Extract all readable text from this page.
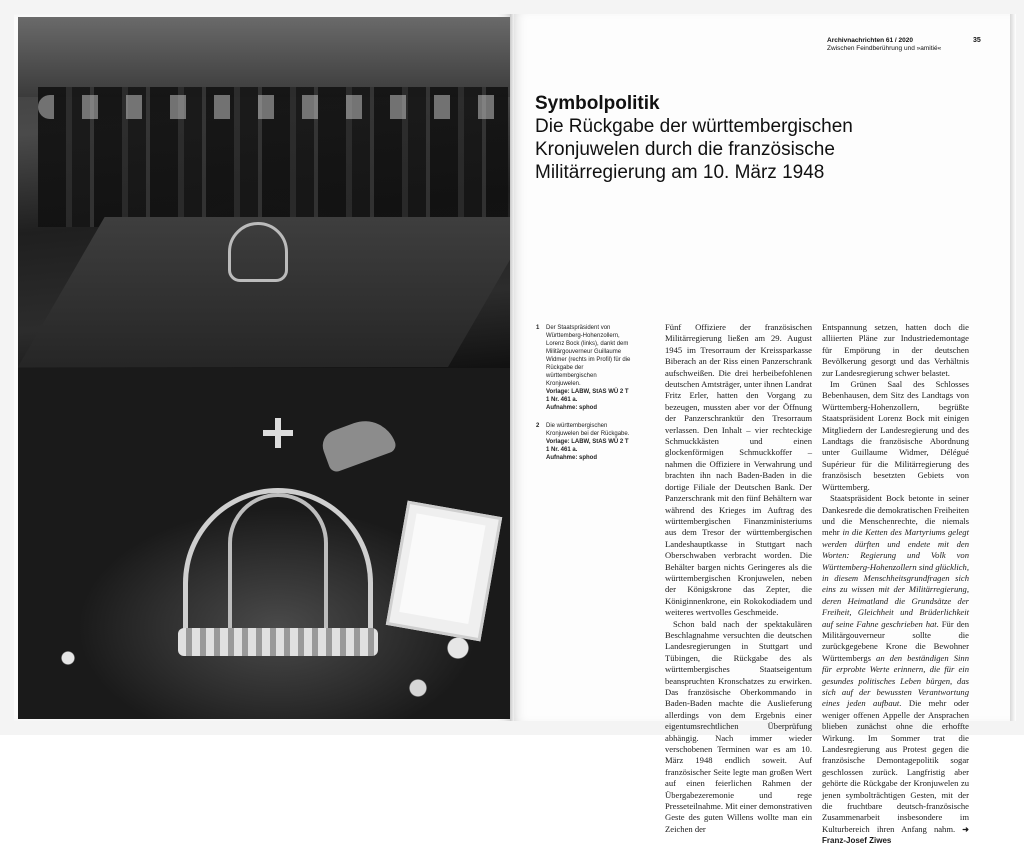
Archivnachrichten 61 / 2020
Zwischen Feindberührung und »amitié«
35
Symbolpolitik
Die Rückgabe der württembergischen Kronjuwelen durch die französische Militärregierung am 10. März 1948
1 Der Staatspräsident von Württemberg-Hohenzollern, Lorenz Bock (links), dankt dem Militärgouverneur Guillaume Widmer (rechts im Profil) für die Rückgabe der württembergischen Kronjuwelen.
Vorlage: LABW, StAS WÜ 2 T 1 Nr. 461 a.
Aufnahme: sphod
2 Die württembergischen Kronjuwelen bei der Rückgabe.
Vorlage: LABW, StAS WÜ 2 T 1 Nr. 461 a.
Aufnahme: sphod

Fünf Offiziere der französischen Militärregierung ließen am 29. August 1945 im Tresorraum der Kreissparkasse Biberach an der Riss einen Panzerschrank aufschweißen. Die drei herbeibefohlenen deutschen Amtsträger, unter ihnen Landrat Fritz Erler, hatten den Vorgang zu bezeugen, mussten aber vor der Öffnung der Panzerschranktür den Tresorraum verlassen. Den Inhalt – vier rechteckige Schmuckkästen und einen glockenförmigen Schmuckkoffer – nahmen die Offiziere in Verwahrung und brachten ihn nach Baden-Baden in die dortige Filiale der Deutschen Bank. Der Panzerschrank mit den fünf Behältern war während des Krieges im Auftrag des württembergischen Finanzministeriums aus dem Tresor der württembergischen Landeshauptkasse in Stuttgart nach Oberschwaben verbracht worden. Die Behälter bargen nichts Geringeres als die württembergischen Kronjuwelen, neben der Königskrone das Zepter, die Königinnenkrone, ein Rokokodiadem und weiteres wertvolles Geschmeide.

Schon bald nach der spektakulären Beschlagnahme versuchten die deutschen Landesregierungen in Stuttgart und Tübingen, die Rückgabe des als württembergisches Staatseigentum beanspruchten Kronschatzes zu erwirken. Das französische Oberkommando in Baden-Baden machte die Auslieferung allerdings von dem Ergebnis einer eigentumsrechtlichen Überprüfung abhängig. Nach immer wieder verschobenen Terminen war es am 10. März 1948 endlich soweit. Auf französischer Seite legte man großen Wert auf einen feierlichen Rahmen der Übergabezeremonie und rege Presseteilnahme. Mit einer demonstrativen Geste des guten Willens wollte man ein Zeichen der

Entspannung setzen, hatten doch die alliierten Pläne zur Industriedemontage für Empörung in der deutschen Bevölkerung gesorgt und das Verhältnis zur Landesregierung schwer belastet.

Im Grünen Saal des Schlosses Bebenhausen, dem Sitz des Landtags von Württemberg-Hohenzollern, begrüßte Staatspräsident Lorenz Bock mit einigen Mitgliedern der Landesregierung und des Landtags die französische Abordnung unter Guillaume Widmer, Délégué Supérieur für die Militärregierung des französisch besetzten Gebiets von Württemberg.

Staatspräsident Bock betonte in seiner Dankesrede die demokratischen Freiheiten und die Menschenrechte, die niemals mehr in die Ketten des Martyriums gelegt werden dürften und endete mit den Worten: Regierung und Volk von Württemberg-Hohenzollern sind glücklich, in diesem Menschheitsgrundfragen sich eins zu wissen mit der Militärregierung, deren Heimatland die Grundsätze der Freiheit, Gleichheit und Brüderlichkeit auf seine Fahne geschrieben hat. Für den Militärgouverneur sollte die zurückgegebene Krone die Bewohner Württembergs an den beständigen Sinn für erprobte Werte erinnern, die für ein gesundes politisches Leben bürgen, das sich auf der bewussten Verantwortung eines jeden aufbaut. Die mehr oder weniger offenen Appelle der Ansprachen blieben zunächst ohne die erhoffte Wirkung. Im Sommer trat die Landesregierung aus Protest gegen die französische Demontagepolitik sogar geschlossen zurück. Langfristig aber gehörte die Rückgabe der Kronjuwelen zu jenen symbolträchtigen Gesten, mit der die fruchtbare deutsch-französische Zusammenarbeit insbesondere im Kulturbereich ihren Anfang nahm. ➜ Franz-Josef Ziwes
